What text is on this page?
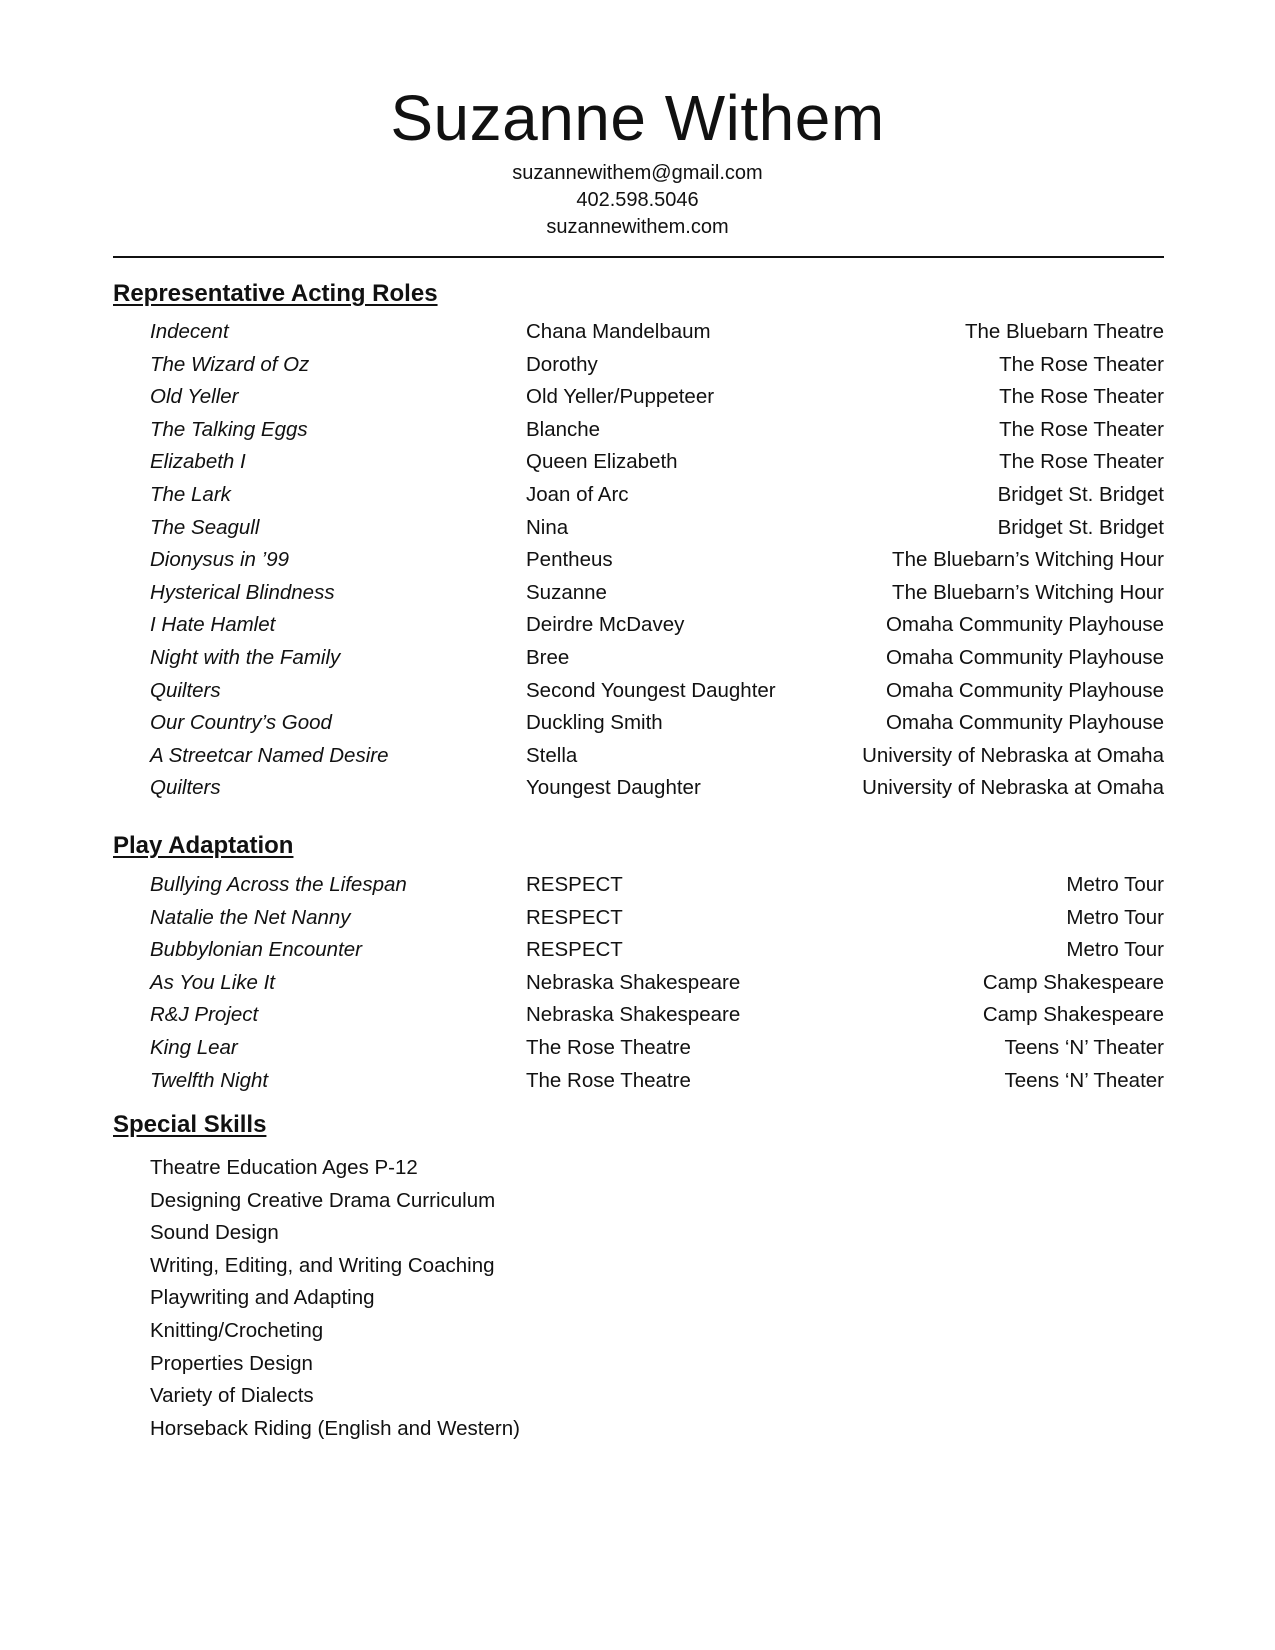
Suzanne Withem
suzannewithem@gmail.com
402.598.5046
suzannewithem.com
Representative Acting Roles
Indecent	Chana Mandelbaum	The Bluebarn Theatre
The Wizard of Oz	Dorothy	The Rose Theater
Old Yeller	Old Yeller/Puppeteer	The Rose Theater
The Talking Eggs	Blanche	The Rose Theater
Elizabeth I	Queen Elizabeth	The Rose Theater
The Lark	Joan of Arc	Bridget St. Bridget
The Seagull	Nina	Bridget St. Bridget
Dionysus in ’99	Pentheus	The Bluebarn’s Witching Hour
Hysterical Blindness	Suzanne	The Bluebarn’s Witching Hour
I Hate Hamlet	Deirdre McDavey	Omaha Community Playhouse
Night with the Family	Bree	Omaha Community Playhouse
Quilters	Second Youngest Daughter	Omaha Community Playhouse
Our Country’s Good	Duckling Smith	Omaha Community Playhouse
A Streetcar Named Desire	Stella	University of Nebraska at Omaha
Quilters	Youngest Daughter	University of Nebraska at Omaha
Play Adaptation
Bullying Across the Lifespan	RESPECT	Metro Tour
Natalie the Net Nanny	RESPECT	Metro Tour
Bubbylonian Encounter	RESPECT	Metro Tour
As You Like It	Nebraska Shakespeare	Camp Shakespeare
R&J Project	Nebraska Shakespeare	Camp Shakespeare
King Lear	The Rose Theatre	Teens ‘N’ Theater
Twelfth Night	The Rose Theatre	Teens ‘N’ Theater
Special Skills
Theatre Education Ages P-12
Designing Creative Drama Curriculum
Sound Design
Writing, Editing, and Writing Coaching
Playwriting and Adapting
Knitting/Crocheting
Properties Design
Variety of Dialects
Horseback Riding (English and Western)
